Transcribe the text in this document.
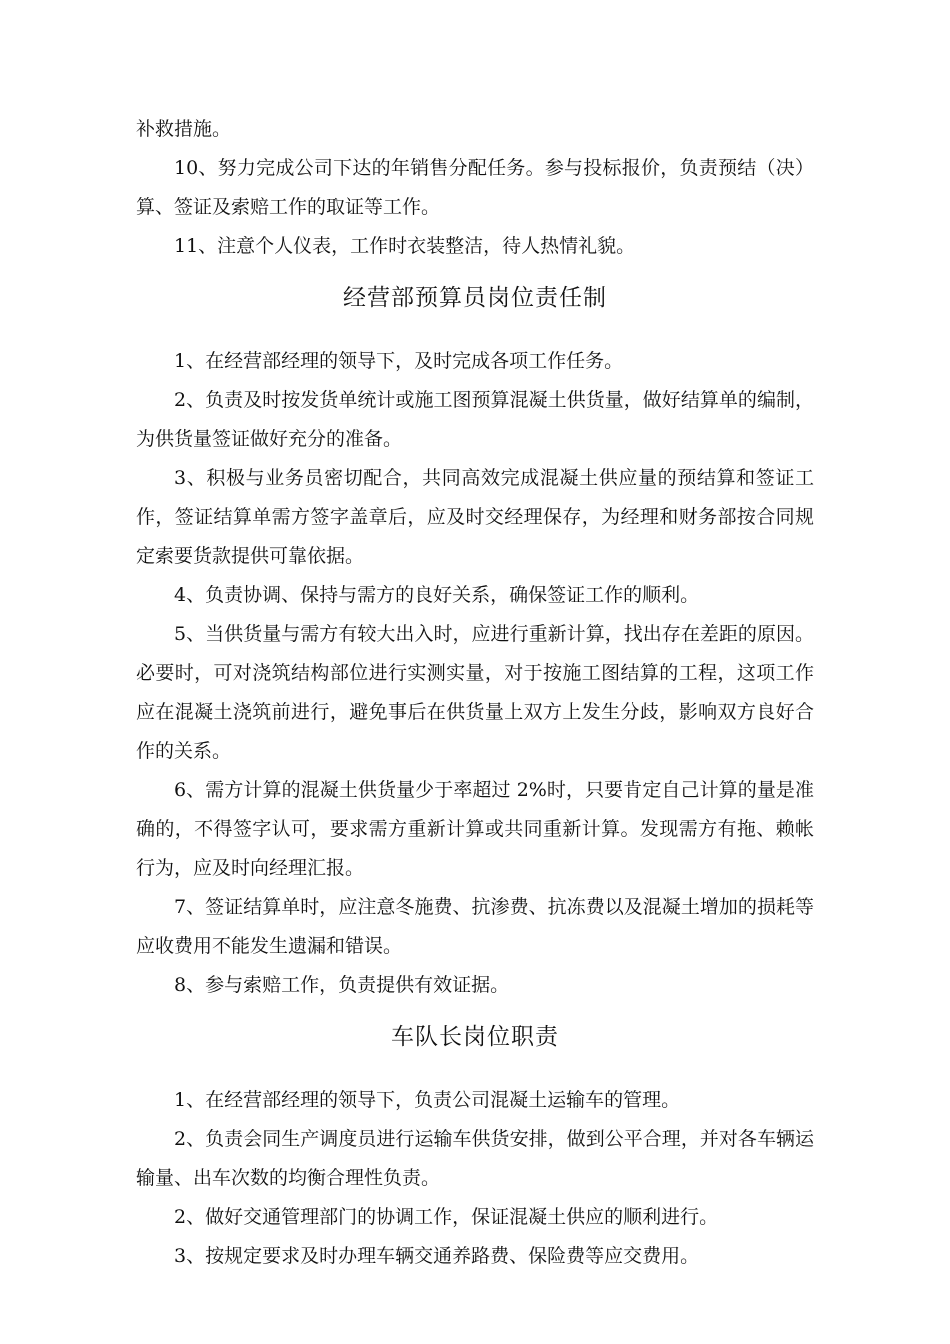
补救措施。

10、努力完成公司下达的年销售分配任务。参与投标报价，负责预结（决）算、签证及索赔工作的取证等工作。

11、注意个人仪表，工作时衣装整洁，待人热情礼貌。

经营部预算员岗位责任制

1、在经营部经理的领导下，及时完成各项工作任务。

2、负责及时按发货单统计或施工图预算混凝土供货量，做好结算单的编制，为供货量签证做好充分的准备。

3、积极与业务员密切配合，共同高效完成混凝土供应量的预结算和签证工作，签证结算单需方签字盖章后，应及时交经理保存，为经理和财务部按合同规定索要货款提供可靠依据。

4、负责协调、保持与需方的良好关系，确保签证工作的顺利。

5、当供货量与需方有较大出入时，应进行重新计算，找出存在差距的原因。必要时，可对浇筑结构部位进行实测实量，对于按施工图结算的工程，这项工作应在混凝土浇筑前进行，避免事后在供货量上双方上发生分歧，影响双方良好合作的关系。

6、需方计算的混凝土供货量少于率超过 2%时，只要肯定自己计算的量是准确的，不得签字认可，要求需方重新计算或共同重新计算。发现需方有拖、赖帐行为，应及时向经理汇报。

7、签证结算单时，应注意冬施费、抗渗费、抗冻费以及混凝土增加的损耗等应收费用不能发生遗漏和错误。

8、参与索赔工作，负责提供有效证据。

车队长岗位职责

1、在经营部经理的领导下，负责公司混凝土运输车的管理。

2、负责会同生产调度员进行运输车供货安排，做到公平合理，并对各车辆运输量、出车次数的均衡合理性负责。

2、做好交通管理部门的协调工作，保证混凝土供应的顺利进行。

3、按规定要求及时办理车辆交通养路费、保险费等应交费用。
